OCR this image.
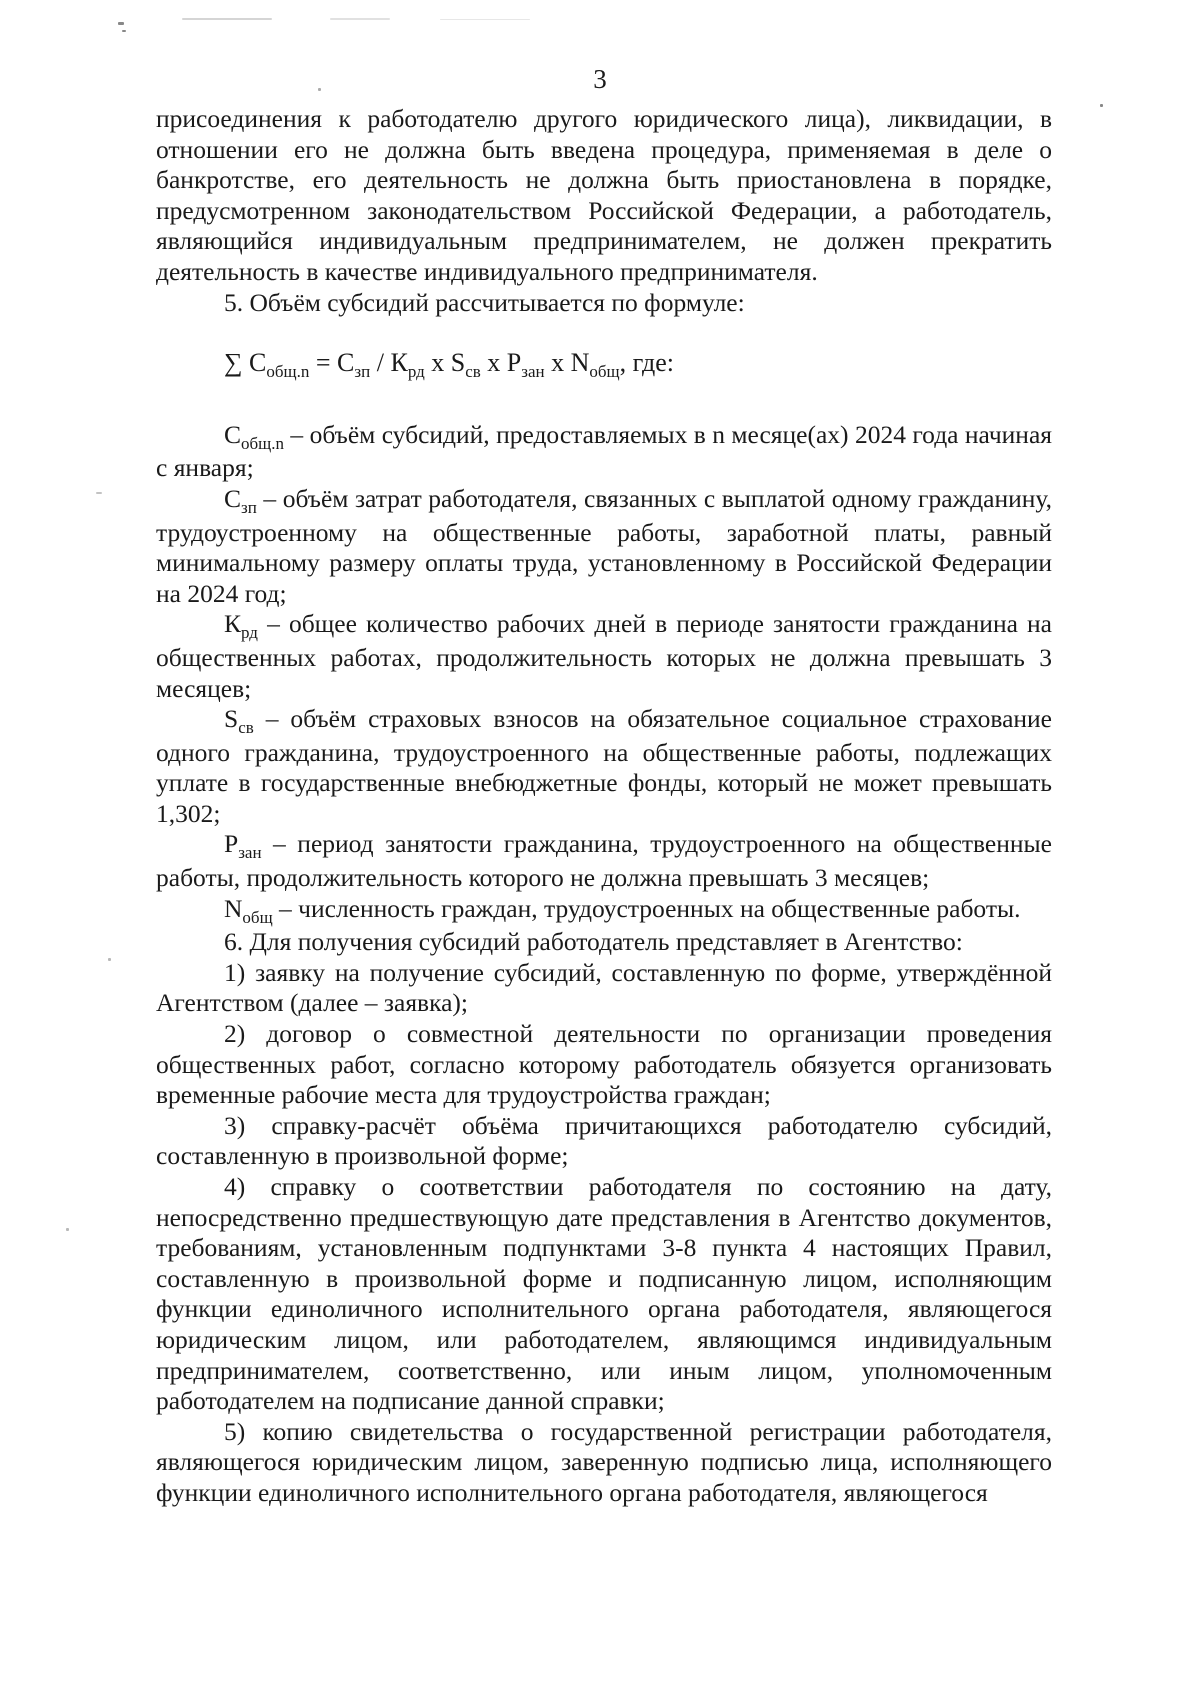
3

присоединения к работодателю другого юридического лица), ликвидации, в отношении его не должна быть введена процедура, применяемая в деле о банкротстве, его деятельность не должна быть приостановлена в порядке, предусмотренном законодательством Российской Федерации, а работодатель, являющийся индивидуальным предпринимателем, не должен прекратить деятельность в качестве индивидуального предпринимателя.

5. Объём субсидий рассчитывается по формуле:

∑ $С_{общ.n} = С_{зп} / К_{рд}$ x $S_{св}$ x $Р_{зан}$ x $N_{общ}$, где:

$С_{общ.n}$ – объём субсидий, предоставляемых в n месяце(ах) 2024 года начиная с января;

$С_{зп}$ – объём затрат работодателя, связанных с выплатой одному гражданину, трудоустроенному на общественные работы, заработной платы, равный минимальному размеру оплаты труда, установленному в Российской Федерации на 2024 год;

$К_{рд}$ – общее количество рабочих дней в периоде занятости гражданина на общественных работах, продолжительность которых не должна превышать 3 месяцев;

$S_{св}$ – объём страховых взносов на обязательное социальное страхование одного гражданина, трудоустроенного на общественные работы, подлежащих уплате в государственные внебюджетные фонды, который не может превышать 1,302;

$Р_{зан}$ – период занятости гражданина, трудоустроенного на общественные работы, продолжительность которого не должна превышать 3 месяцев;

$N_{общ}$ – численность граждан, трудоустроенных на общественные работы.

6. Для получения субсидий работодатель представляет в Агентство:

1) заявку на получение субсидий, составленную по форме, утверждённой Агентством (далее – заявка);

2) договор о совместной деятельности по организации проведения общественных работ, согласно которому работодатель обязуется организовать временные рабочие места для трудоустройства граждан;

3) справку-расчёт объёма причитающихся работодателю субсидий, составленную в произвольной форме;

4) справку о соответствии работодателя по состоянию на дату, непосредственно предшествующую дате представления в Агентство документов, требованиям, установленным подпунктами 3-8 пункта 4 настоящих Правил, составленную в произвольной форме и подписанную лицом, исполняющим функции единоличного исполнительного органа работодателя, являющегося юридическим лицом, или работодателем, являющимся индивидуальным предпринимателем, соответственно, или иным лицом, уполномоченным работодателем на подписание данной справки;

5) копию свидетельства о государственной регистрации работодателя, являющегося юридическим лицом, заверенную подписью лица, исполняющего функции единоличного исполнительного органа работодателя, являющегося
